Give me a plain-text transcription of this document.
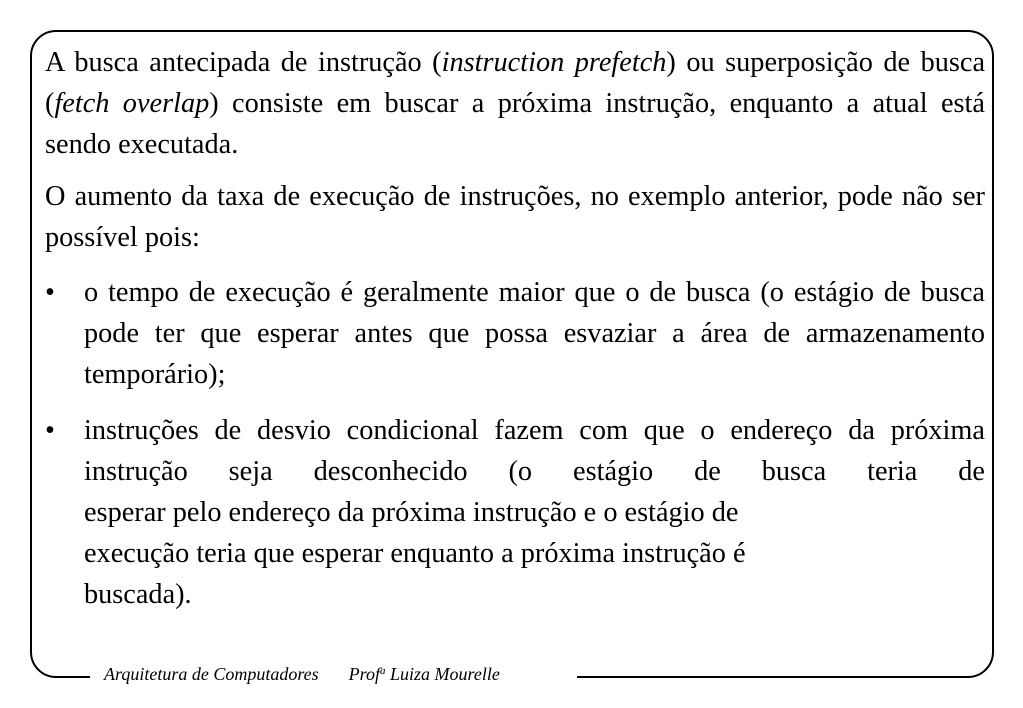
A busca antecipada de instrução (instruction prefetch) ou superposição de busca (fetch overlap) consiste em buscar a próxima instrução, enquanto a atual está sendo executada.

O aumento da taxa de execução de instruções, no exemplo anterior, pode não ser possível pois:

• o tempo de execução é geralmente maior que o de busca (o estágio de busca pode ter que esperar antes que possa esvaziar a área de armazenamento temporário);
• instruções de desvio condicional fazem com que o endereço da próxima instrução seja desconhecido (o estágio de busca teria de
esperar pelo endereço da próxima instrução e o estágio de
execução teria que esperar enquanto a próxima instrução é
buscada).
Arquitetura de Computadores Prof$^a$ Luiza Mourelle
